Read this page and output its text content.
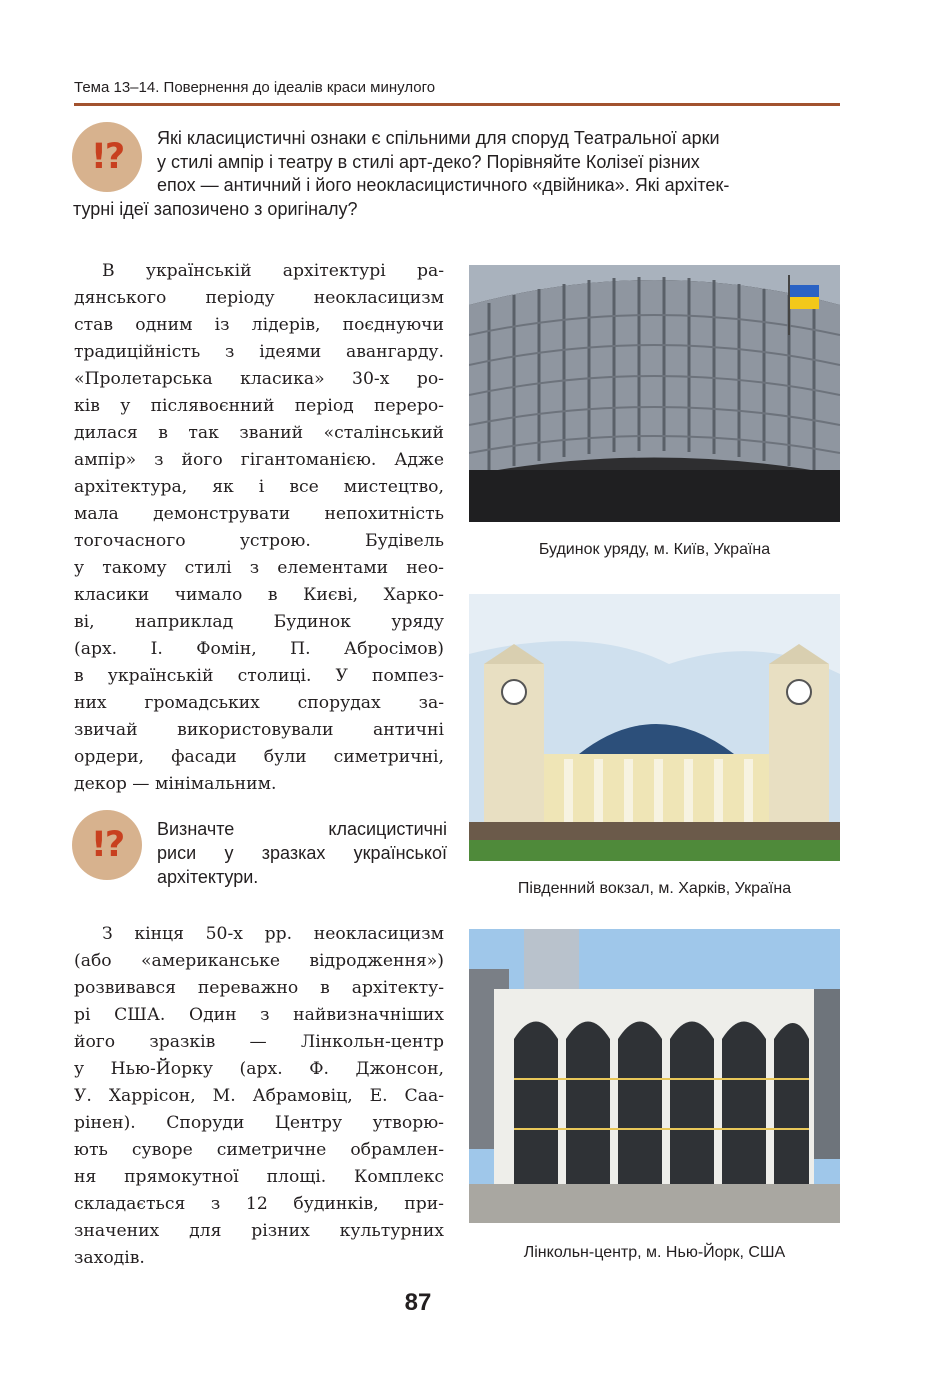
Тема 13–14. Повернення до ідеалів краси минулого
!? Які класицистичні ознаки є спільними для споруд Театральної арки
у стилі ампір і театру в стилі арт-деко? Порівняйте Колізеї різних
епох — античний і його неокласицистичного «двійника». Які архітек-
турні ідеї запозичено з оригіналу?
В українській архітектурі ра-
дянського періоду неокласицизм
став одним із лідерів, поєднуючи
традиційність з ідеями авангарду.
«Пролетарська класика» 30-х ро-
ків у післявоєнний період переро-
дилася в так званий «сталінський
ампір» з його гігантоманією. Адже
архітектура, як і все мистецтво,
мала демонструвати непохитність
тогочасного устрою. Будівель
у такому стилі з елементами нео-
класики чимало в Києві, Харко-
ві, наприклад Будинок уряду
(арх. І. Фомін, П. Абросімов)
в українській столиці. У помпез-
них громадських спорудах за-
звичай використовували античні
ордери, фасади були симетричні,
декор — мінімальним.
!? Визначте класицистичні
риси у зразках української
архітектури.
З кінця 50-х рр. неокласицизм
(або «американське відродження»)
розвивався переважно в архітекту-
рі США. Один з найвизначніших
його зразків — Лінкольн-центр
у Нью-Йорку (арх. Ф. Джонсон,
У. Харрісон, М. Абрамовіц, Е. Саа-
рінен). Споруди Центру утворю-
ють суворе симетричне обрамлен-
ня прямокутної площі. Комплекс
складається з 12 будинків, при-
значених для різних культурних
заходів.
Будинок уряду, м. Київ, Україна
Південний вокзал, м. Харків, Україна
Лінкольн-центр, м. Нью-Йорк, США
87
